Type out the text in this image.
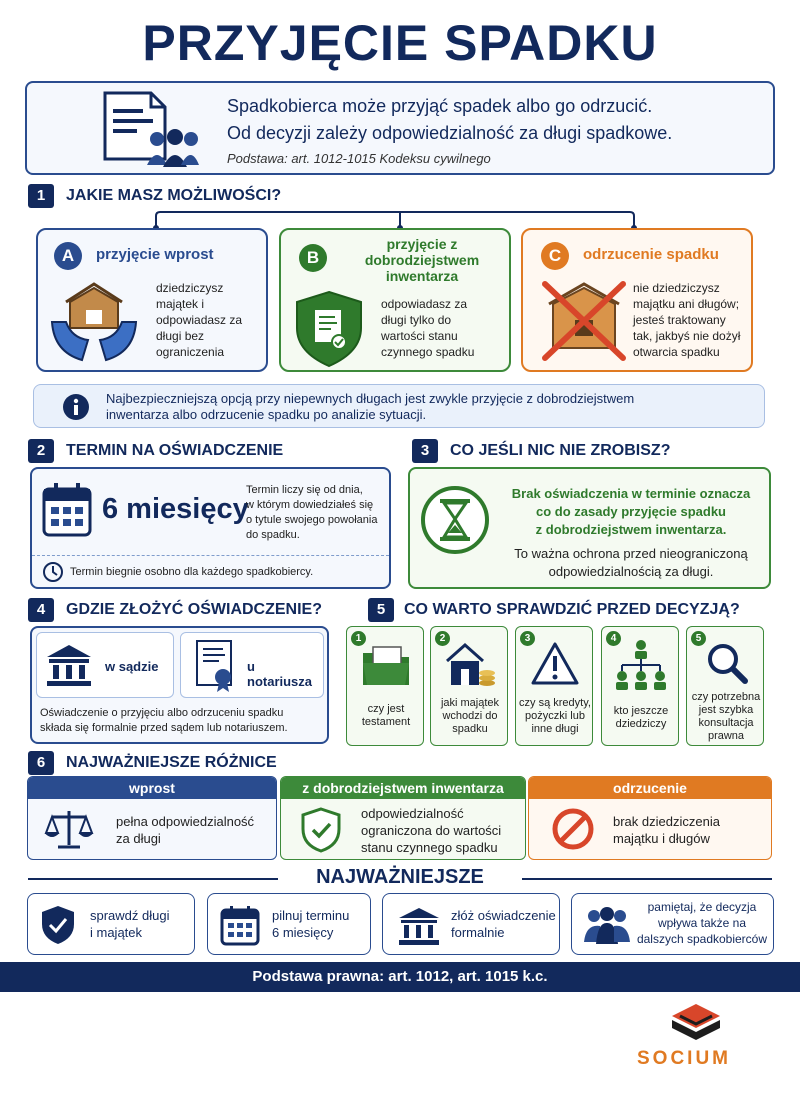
PRZYJĘCIE SPADKU
Spadkobierca może przyjąć spadek albo go odrzucić.
Od decyzji zależy odpowiedzialność za długi spadkowe.
Podstawa: art. 1012-1015 Kodeksu cywilnego
1	JAKIE MASZ MOŻLIWOŚCI?
A	przyjęcie wprost
dziedziczysz
majątek i
odpowiadasz za
długi bez
ograniczenia
B
przyjęcie z
dobrodziejstwem
inwentarza
odpowiadasz za
długi tylko do
wartości stanu
czynnego spadku
C	odrzucenie spadku
nie dziedziczysz
majątku ani długów;
jesteś traktowany
tak, jakbyś nie dożył
otwarcia spadku
Najbezpieczniejszą opcją przy niepewnych długach jest zwykle przyjęcie z dobrodziejstwem
inwentarza albo odrzucenie spadku po analizie sytuacji.
2	TERMIN NA OŚWIADCZENIE
6 miesięcy
Termin liczy się od dnia,
w którym dowiedziałeś się
o tytule swojego powołania
do spadku.
Termin biegnie osobno dla każdego spadkobiercy.
3	CO JEŚLI NIC NIE ZROBISZ?
Brak oświadczenia w terminie oznacza
co do zasady przyjęcie spadku
z dobrodziejstwem inwentarza.
To ważna ochrona przed nieograniczoną
odpowiedzialnością za długi.
4	GDZIE ZŁOŻYĆ OŚWIADCZENIE?
w sądzie	u notariusza
Oświadczenie o przyjęciu albo odrzuceniu spadku
składa się formalnie przed sądem lub notariuszem.
5	CO WARTO SPRAWDZIĆ PRZED DECYZJĄ?
1
czy jest
testament
2
jaki majątek
wchodzi do
spadku
3
czy są kredyty,
pożyczki lub
inne długi
4
kto jeszcze
dziedziczy
5
czy potrzebna
jest szybka
konsultacja
prawna
6	NAJWAŻNIEJSZE RÓŻNICE
wprost
pełna odpowiedzialność
za długi
z dobrodziejstwem inwentarza
odpowiedzialność
ograniczona do wartości
stanu czynnego spadku
odrzucenie
brak dziedziczenia
majątku i długów
NAJWAŻNIEJSZE
sprawdź długi
i majątek
pilnuj terminu
6 miesięcy
złóż oświadczenie
formalnie
pamiętaj, że decyzja
wpływa także na
dalszych spadkobierców
Podstawa prawna: art. 1012, art. 1015 k.c.
SOCIUM
